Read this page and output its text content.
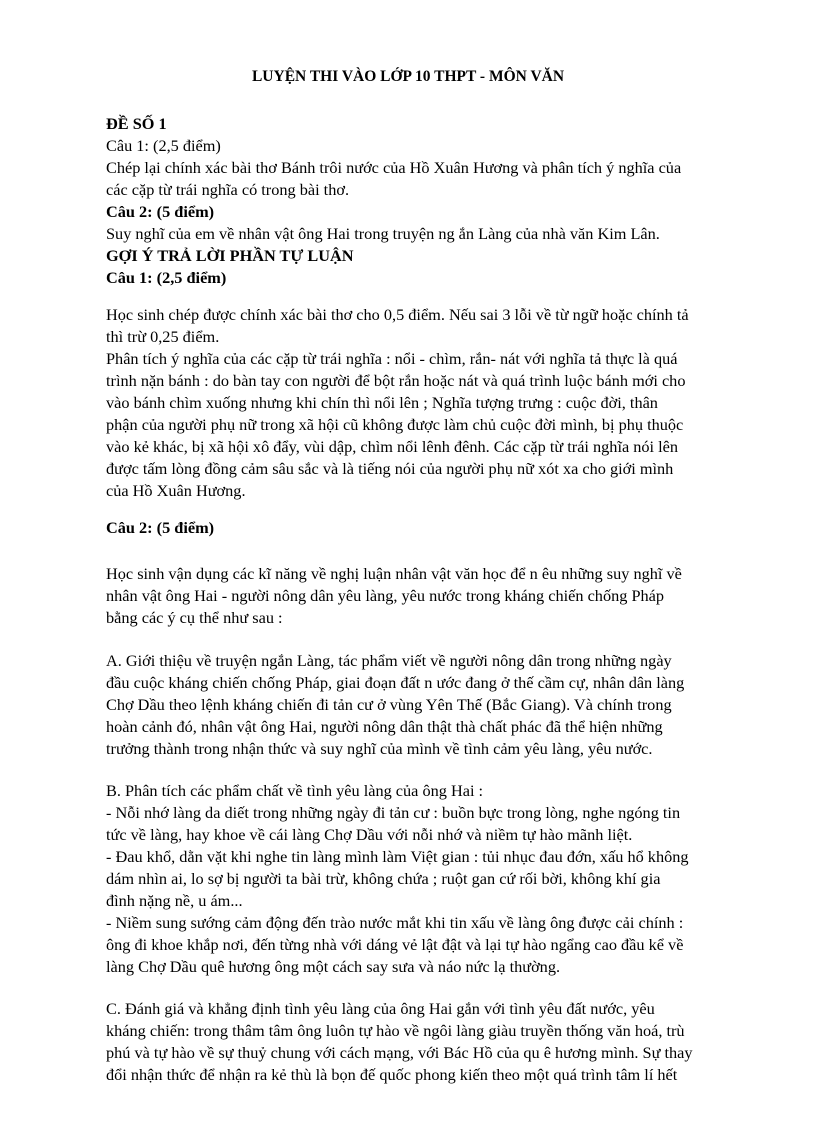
LUYỆN THI VÀO LỚP 10 THPT - MÔN VĂN

ĐỀ SỐ 1

Câu 1: (2,5 điểm)

Chép lại chính xác bài thơ Bánh trôi nước của Hồ Xuân Hương và phân tích ý nghĩa của

các cặp từ trái nghĩa có trong bài thơ.

Câu 2: (5 điểm)

Suy nghĩ của em về nhân vật ông Hai trong truyện ng ắn Làng của nhà văn Kim Lân.

GỢI Ý TRẢ LỜI PHẦN TỰ LUẬN

Câu 1: (2,5 điểm)

Học sinh chép được chính xác bài thơ cho 0,5 điểm. Nếu sai 3 lỗi về từ ngữ hoặc chính tả

thì trừ 0,25 điểm.

Phân tích ý nghĩa của các cặp từ trái nghĩa : nổi - chìm, rắn- nát với nghĩa tả thực là quá

trình nặn bánh : do bàn tay con người để bột rắn hoặc nát và quá trình luộc bánh mới cho

vào bánh chìm xuống nhưng khi chín thì nổi lên ; Nghĩa tượng trưng : cuộc đời, thân

phận của người phụ nữ trong xã hội cũ không được làm chủ cuộc đời mình, bị phụ thuộc

vào kẻ khác, bị xã hội xô đẩy, vùi dập, chìm nổi lênh đênh. Các cặp từ trái nghĩa nói lên

được tấm lòng đồng cảm sâu sắc và là tiếng nói của người phụ nữ xót xa cho giới mình

của Hồ Xuân Hương.

Câu 2: (5 điểm)

Học sinh vận dụng các kĩ năng về nghị luận nhân vật văn học để n êu những suy nghĩ về

nhân vật ông Hai - người nông dân yêu làng, yêu nước trong kháng chiến chống Pháp

bằng các ý cụ thể như sau :

A. Giới thiệu về truyện ngắn Làng, tác phẩm viết về người nông dân trong những ngày

đầu cuộc kháng chiến chống Pháp, giai đoạn đất n ước đang ở thế cầm cự, nhân dân làng

Chợ Dầu theo lệnh kháng chiến đi tản cư ở vùng Yên Thế (Bắc Giang). Và chính trong

hoàn cảnh đó, nhân vật ông Hai, người nông dân thật thà chất phác đã thể hiện những

trưởng thành trong nhận thức và suy nghĩ của mình về tình cảm yêu làng, yêu nước.

B. Phân tích các phẩm chất về tình yêu làng của ông Hai :

- Nỗi nhớ làng da diết trong những ngày đi tản cư : buồn bực trong lòng, nghe ngóng tin

tức về làng, hay khoe về cái làng Chợ Dầu với nỗi nhớ và niềm tự hào mãnh liệt.

- Đau khổ, dằn vặt khi nghe tin làng mình làm Việt gian : tủi nhục đau đớn, xấu hổ không

dám nhìn ai, lo sợ bị người ta bài trừ, không chứa ; ruột gan cứ rối bời, không khí gia

đình nặng nề, u ám...

- Niềm sung sướng cảm động đến trào nước mắt khi tin xấu về làng ông được cải chính :

ông đi khoe khắp nơi, đến từng nhà với dáng vẻ lật đật và lại tự hào ngẩng cao đầu kể về

làng Chợ Dầu quê hương ông một cách say sưa và náo nức lạ thường.

C. Đánh giá và khẳng định tình yêu làng của ông Hai gắn với tình yêu đất nước, yêu

kháng chiến: trong thâm tâm ông luôn tự hào về ngôi làng giàu truyền thống văn hoá, trù

phú và tự hào về sự thuỷ chung với cách mạng, với Bác Hồ của qu ê hương mình. Sự thay

đổi nhận thức để nhận ra kẻ thù là bọn đế quốc phong kiến theo một quá trình tâm lí hết
